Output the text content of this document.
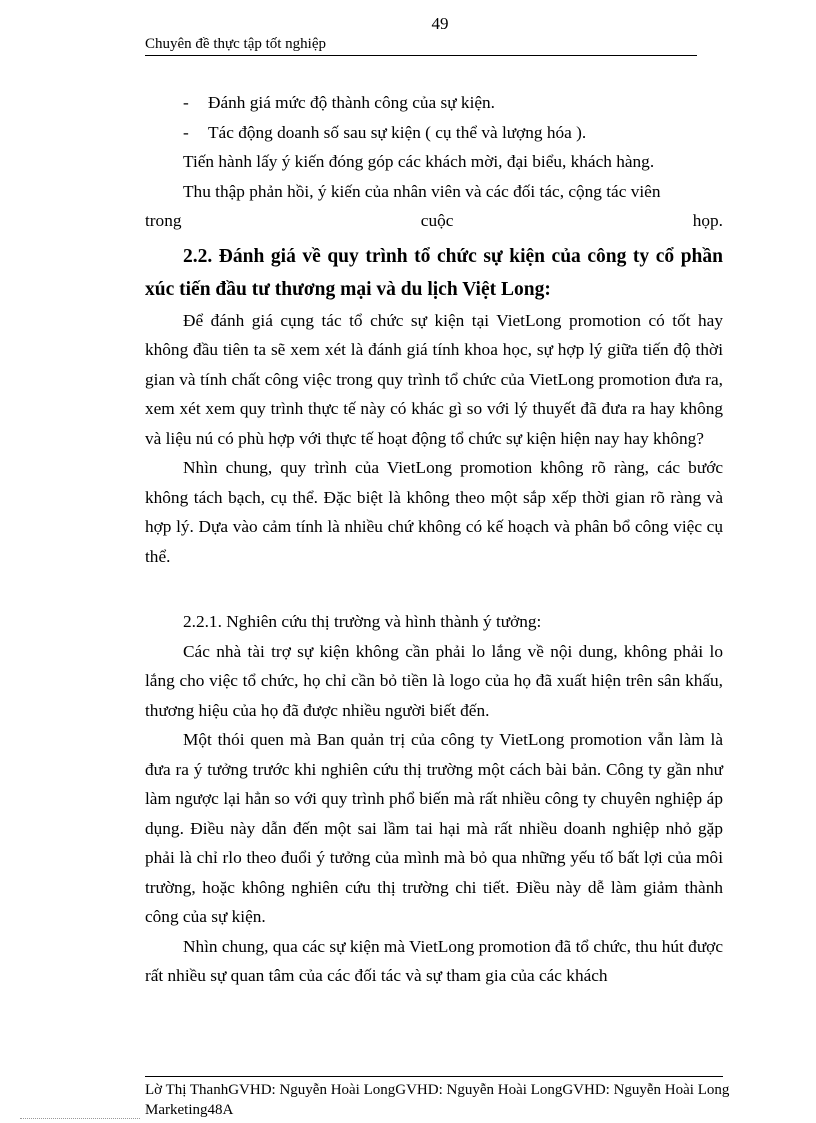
49
Chuyên đề thực tập tốt nghiệp
-	Đánh giá mức độ thành công của sự kiện.
-	Tác động doanh số sau sự kiện ( cụ thể và lượng hóa ).

Tiến hành lấy ý kiến đóng góp các khách mời, đại biểu, khách hàng.

Thu thập phản hồi, ý kiến của nhân viên và các đối tác, cộng tác viên

trong	cuộc	họp.

2.2. Đánh giá về quy trình tổ chức sự kiện của công ty cổ phần xúc tiến đầu tư thương mại và du lịch Việt Long:

Để đánh giá cụng tác tổ chức sự kiện tại VietLong promotion có tốt hay không đầu tiên ta sẽ xem xét là đánh giá tính khoa học, sự hợp lý giữa tiến độ thời gian và tính chất công việc trong quy trình tổ chức của VietLong promotion đưa ra, xem xét xem quy trình thực tế này có khác gì so với lý thuyết đã đưa ra hay không và liệu nú có phù hợp với thực tế hoạt động tổ chức sự kiện hiện nay hay không?

Nhìn chung, quy trình của VietLong promotion không rõ ràng, các bước không tách bạch, cụ thể. Đặc biệt là không theo một sắp xếp thời gian rõ ràng và hợp lý. Dựa vào cảm tính là nhiều chứ không có kế hoạch và phân bổ công việc cụ thể.

2.2.1. Nghiên cứu thị trường và hình thành ý tưởng:

Các nhà tài trợ sự kiện không cần phải lo lắng về nội dung, không phải lo lắng cho việc tổ chức, họ chỉ cần bỏ tiền là logo của họ đã xuất hiện trên sân khấu, thương hiệu của họ đã được nhiều người biết đến.

Một thói quen mà Ban quản trị của công ty VietLong promotion vẫn làm là đưa ra ý tưởng trước khi nghiên cứu thị trường một cách bài bản. Công ty gần như làm ngược lại hẳn so với quy trình phổ biến mà rất nhiều công ty chuyên nghiệp áp dụng. Điều này dẫn đến một sai lầm tai hại mà rất nhiều doanh nghiệp nhỏ gặp phải là chỉ rlo theo đuổi ý tưởng của mình mà bỏ qua những yếu tố bất lợi của môi trường, hoặc không nghiên cứu thị trường chi tiết. Điều này dễ làm giảm thành công của sự kiện.

Nhìn chung, qua các sự kiện mà VietLong promotion đã tổ chức, thu hút được rất nhiều sự quan tâm của các đối tác và sự tham gia của các khách

Lờ Thị ThanhGVHD: Nguyễn Hoài LongGVHD: Nguyễn Hoài LongGVHD: Nguyễn Hoài Long
Marketing48A
